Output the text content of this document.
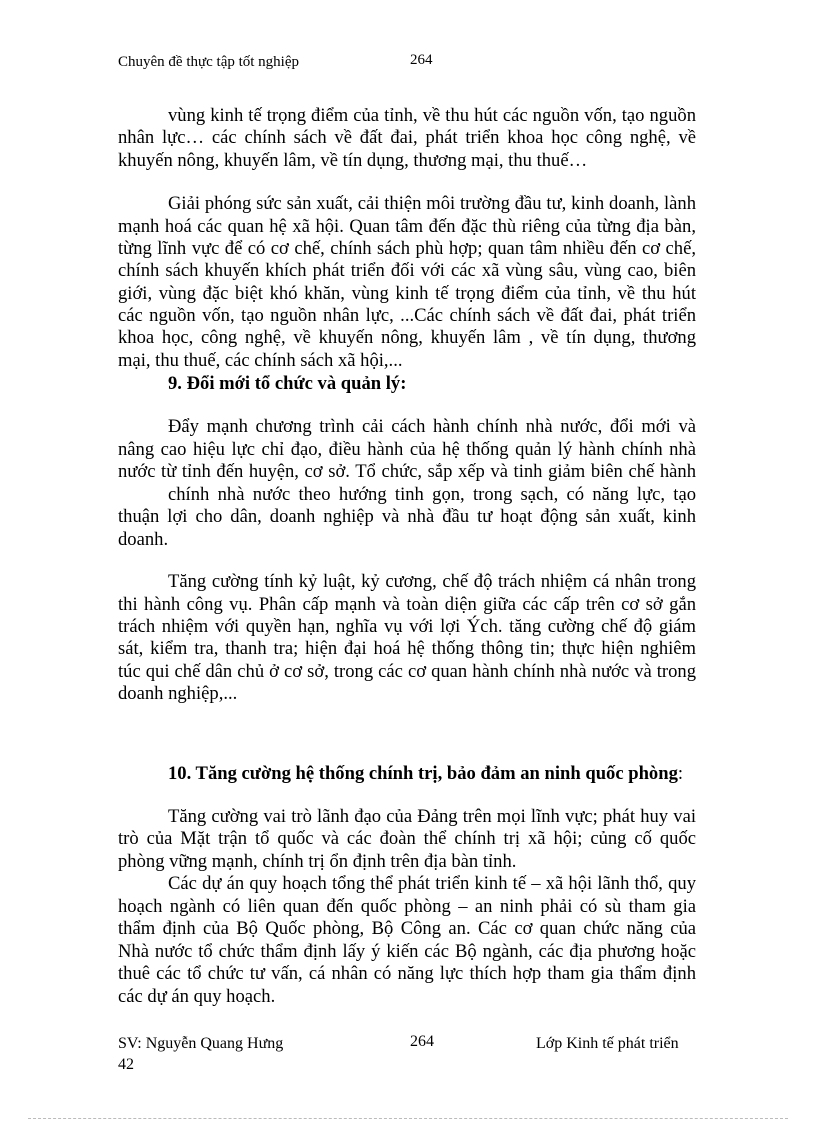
Chuyên đề thực tập tốt nghiệp	264
vùng kinh tế trọng điểm của tỉnh, về thu hút các nguồn vốn, tạo nguồn
nhân lực… các chính sách về đất đai, phát triển khoa học công nghệ, về
khuyến nông, khuyến lâm, về tín dụng, thương mại, thu thuế…
Giải phóng sức sản xuất, cải thiện môi trường đầu tư, kinh doanh, lành
mạnh hoá các quan hệ xã hội. Quan tâm đến đặc thù riêng của từng địa bàn,
từng lĩnh vực để có cơ chế, chính sách phù hợp; quan tâm nhiều đến cơ chế,
chính sách khuyến khích phát triển đối với các xã vùng sâu, vùng cao, biên
giới, vùng đặc biệt khó khăn, vùng kinh tế trọng điểm của tỉnh, về thu hút
các nguồn vốn, tạo nguồn nhân lực, ...Các chính sách về đất đai, phát triển
khoa học, công nghệ, về khuyến nông, khuyến lâm , về tín dụng, thương
mại, thu thuế, các chính sách xã hội,...
9. Đổi mới tổ chức và quản lý:
Đẩy mạnh chương trình cải cách hành chính nhà nước, đổi mới và
nâng cao hiệu lực chỉ đạo, điều hành của hệ thống quản lý hành chính nhà
nước từ tỉnh đến huyện, cơ sở. Tổ chức, sắp xếp và tinh giảm biên chế hành
chính nhà nước theo hướng tinh gọn, trong sạch, có năng lực, tạo
thuận lợi cho dân, doanh nghiệp và nhà đầu tư hoạt động sản xuất, kinh
doanh.
Tăng cường tính kỷ luật, kỷ cương, chế độ trách nhiệm cá nhân trong
thi hành công vụ. Phân cấp mạnh và toàn diện giữa các cấp trên cơ sở gắn
trách nhiệm với quyền hạn, nghĩa vụ với lợi Ých. tăng cường chế độ giám
sát, kiểm tra, thanh tra; hiện đại hoá hệ thống thông tin; thực hiện nghiêm
túc qui chế dân chủ ở cơ sở, trong các cơ quan hành chính nhà nước và trong
doanh nghiệp,...
10. Tăng cường hệ thống chính trị, bảo đảm an ninh quốc phòng:
Tăng cường vai trò lãnh đạo của Đảng trên mọi lĩnh vực; phát huy vai
trò của Mặt trận tổ quốc và các đoàn thể chính trị xã hội; củng cố quốc
phòng vững mạnh, chính trị ổn định trên địa bàn tỉnh.
Các dự án quy hoạch tổng thể phát triển kinh tế – xã hội lãnh thổ, quy
hoạch ngành có liên quan đến quốc phòng – an ninh phải có sù tham gia
thẩm định của Bộ Quốc phòng, Bộ Công an. Các cơ quan chức năng của
Nhà nước tổ chức thẩm định lấy ý kiến các Bộ ngành, các địa phương hoặc
thuê các tổ chức tư vấn, cá nhân có năng lực thích hợp tham gia thẩm định
các dự án quy hoạch.
SV: Nguyễn Quang Hưng	264	Lớp Kinh tế phát triển
42
